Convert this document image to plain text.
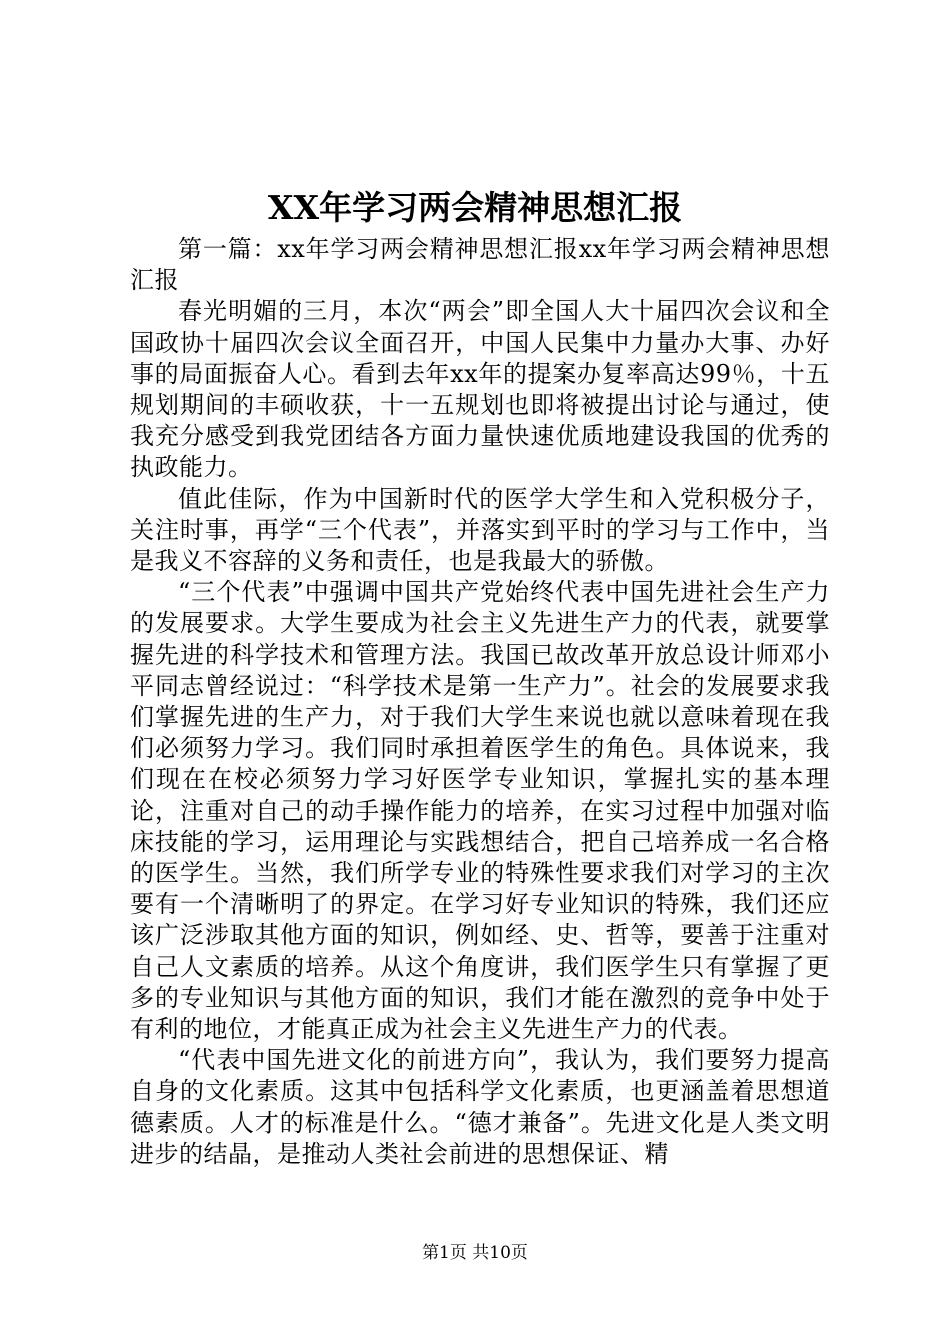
XX年学习两会精神思想汇报

第一篇：xx年学习两会精神思想汇报xx年学习两会精神思想汇报

春光明媚的三月，本次“两会”即全国人大十届四次会议和全国政协十届四次会议全面召开，中国人民集中力量办大事、办好事的局面振奋人心。看到去年xx年的提案办复率高达99％，十五规划期间的丰硕收获，十一五规划也即将被提出讨论与通过，使我充分感受到我党团结各方面力量快速优质地建设我国的优秀的执政能力。

值此佳际，作为中国新时代的医学大学生和入党积极分子，关注时事，再学“三个代表”，并落实到平时的学习与工作中，当是我义不容辞的义务和责任，也是我最大的骄傲。

“三个代表”中强调中国共产党始终代表中国先进社会生产力的发展要求。大学生要成为社会主义先进生产力的代表，就要掌握先进的科学技术和管理方法。我国已故改革开放总设计师邓小平同志曾经说过：“科学技术是第一生产力”。社会的发展要求我们掌握先进的生产力，对于我们大学生来说也就以意味着现在我们必须努力学习。我们同时承担着医学生的角色。具体说来，我们现在在校必须努力学习好医学专业知识，掌握扎实的基本理论，注重对自己的动手操作能力的培养，在实习过程中加强对临床技能的学习，运用理论与实践想结合，把自己培养成一名合格的医学生。当然，我们所学专业的特殊性要求我们对学习的主次要有一个清晰明了的界定。在学习好专业知识的特殊，我们还应该广泛涉取其他方面的知识，例如经、史、哲等，要善于注重对自己人文素质的培养。从这个角度讲，我们医学生只有掌握了更多的专业知识与其他方面的知识，我们才能在激烈的竞争中处于有利的地位，才能真正成为社会主义先进生产力的代表。

“代表中国先进文化的前进方向”，我认为，我们要努力提高自身的文化素质。这其中包括科学文化素质，也更涵盖着思想道德素质。人才的标准是什么。“德才兼备”。先进文化是人类文明进步的结晶，是推动人类社会前进的思想保证、精

第1页 共10页
